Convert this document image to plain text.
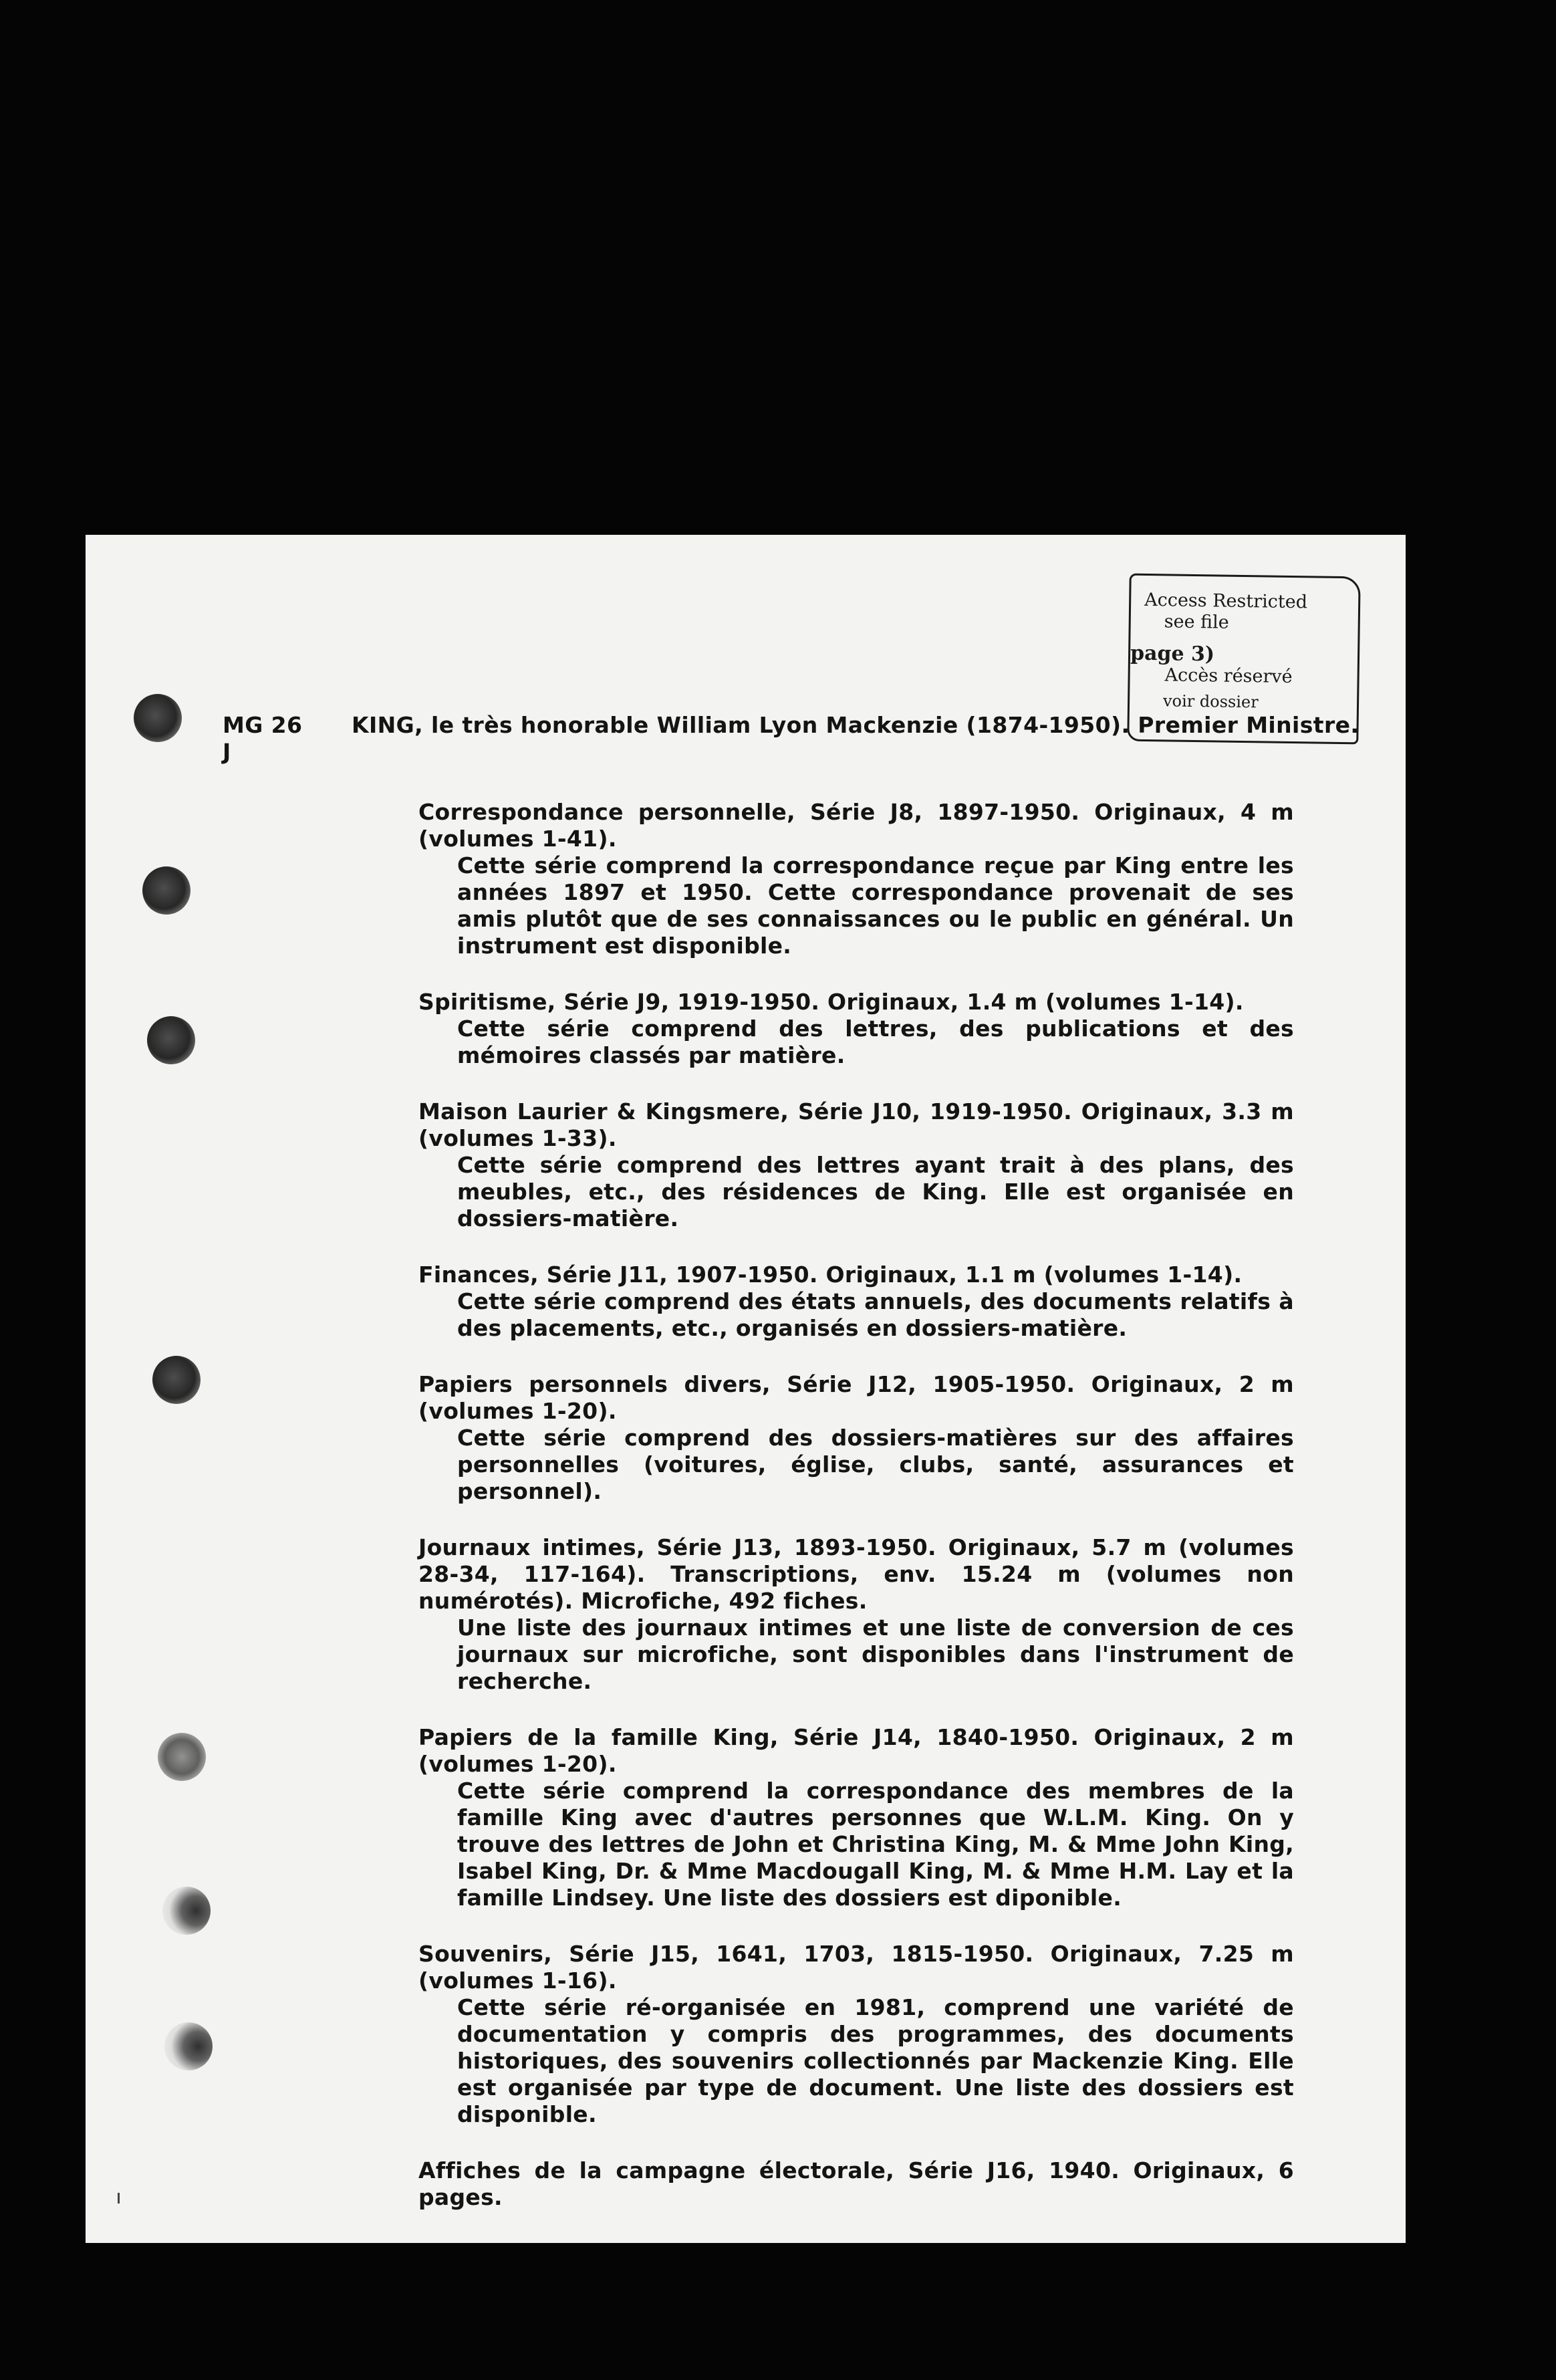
Access Restricted
see file
page 3)
Accès réservé
voir dossier
MG 26
J
KING, le très honorable William Lyon Mackenzie (1874-1950). Premier Ministre.
Correspondance personnelle, Série J8, 1897-1950. Originaux, 4 m (volumes 1-41).
Cette série comprend la correspondance reçue par King entre les années 1897 et 1950. Cette correspondance provenait de ses amis plutôt que de ses connaissances ou le public en général. Un instrument est disponible.
Spiritisme, Série J9, 1919-1950. Originaux, 1.4 m (volumes 1-14).
Cette série comprend des lettres, des publications et des mémoires classés par matière.
Maison Laurier & Kingsmere, Série J10, 1919-1950. Originaux, 3.3 m (volumes 1-33).
Cette série comprend des lettres ayant trait à des plans, des meubles, etc., des résidences de King. Elle est organisée en dossiers-matière.
Finances, Série J11, 1907-1950. Originaux, 1.1 m (volumes 1-14).
Cette série comprend des états annuels, des documents relatifs à des placements, etc., organisés en dossiers-matière.
Papiers personnels divers, Série J12, 1905-1950. Originaux, 2 m (volumes 1-20).
Cette série comprend des dossiers-matières sur des affaires personnelles (voitures, église, clubs, santé, assurances et personnel).
Journaux intimes, Série J13, 1893-1950. Originaux, 5.7 m (volumes 28-34, 117-164). Transcriptions, env. 15.24 m (volumes non numérotés). Microfiche, 492 fiches.
Une liste des journaux intimes et une liste de conversion de ces journaux sur microfiche, sont disponibles dans l'instrument de recherche.
Papiers de la famille King, Série J14, 1840-1950. Originaux, 2 m (volumes 1-20).
Cette série comprend la correspondance des membres de la famille King avec d'autres personnes que W.L.M. King. On y trouve des lettres de John et Christina King, M. & Mme John King, Isabel King, Dr. & Mme Macdougall King, M. & Mme H.M. Lay et la famille Lindsey. Une liste des dossiers est diponible.
Souvenirs, Série J15, 1641, 1703, 1815-1950. Originaux, 7.25 m (volumes 1-16).
Cette série ré-organisée en 1981, comprend une variété de documentation y compris des programmes, des documents historiques, des souvenirs collectionnés par Mackenzie King. Elle est organisée par type de document. Une liste des dossiers est disponible.
Affiches de la campagne électorale, Série J16, 1940. Originaux, 6 pages.
